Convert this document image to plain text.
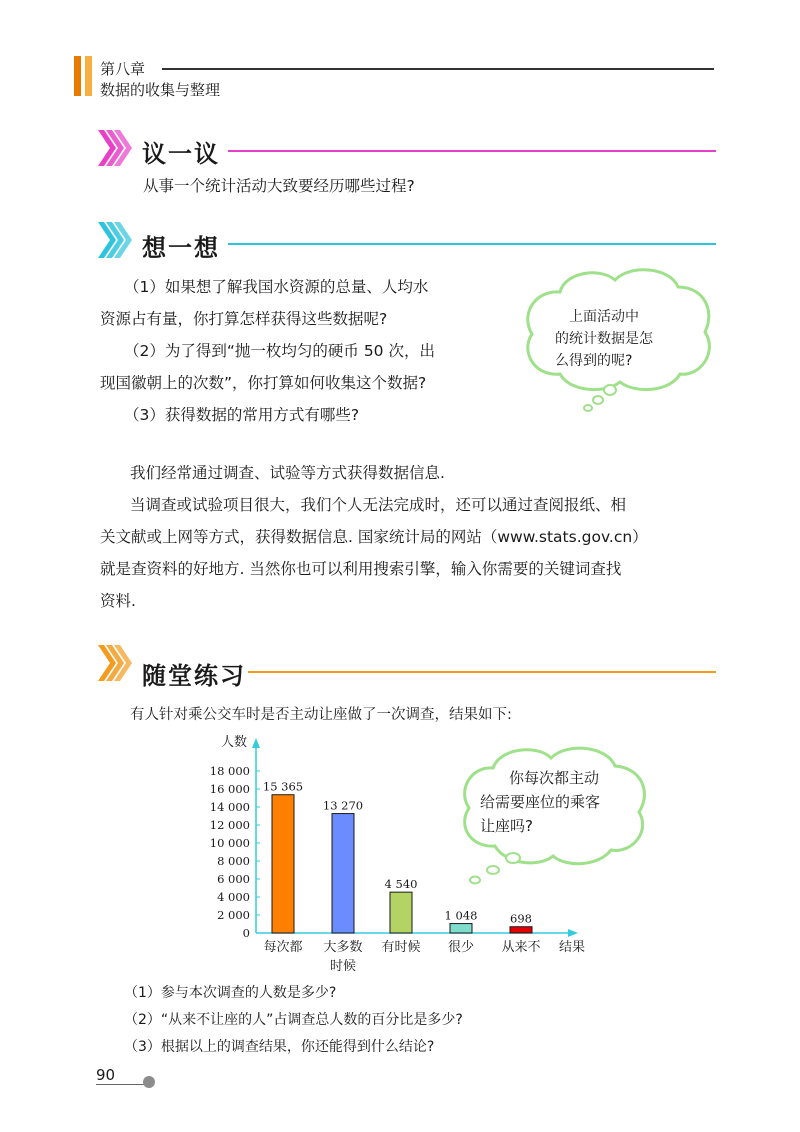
第八章
数据的收集与整理
议一议
从事一个统计活动大致要经历哪些过程?
想一想
（1）如果想了解我国水资源的总量、人均水
资源占有量，你打算怎样获得这些数据呢?
（2）为了得到“抛一枚均匀的硬币 50 次，出
现国徽朝上的次数”，你打算如何收集这个数据?
（3）获得数据的常用方式有哪些?
上面活动中
的统计数据是怎
么得到的呢?
我们经常通过调查、试验等方式获得数据信息.
当调查或试验项目很大，我们个人无法完成时，还可以通过查阅报纸、相
关文献或上网等方式，获得数据信息. 国家统计局的网站（www.stats.gov.cn）
就是查资料的好地方. 当然你也可以利用搜索引擎，输入你需要的关键词查找
资料.
随堂练习
有人针对乘公交车时是否主动让座做了一次调查，结果如下:
人数
结果
0
2 000
4 000
6 000
8 000
10 000
12 000
14 000
16 000
18 000
15 365
每次都
13 270
大多数
时候
4 540
有时候
1 048
很少
698
从来不
你每次都主动
给需要座位的乘客
让座吗?
（1）参与本次调查的人数是多少?
（2）“从来不让座的人”占调查总人数的百分比是多少?
（3）根据以上的调查结果，你还能得到什么结论?
90
